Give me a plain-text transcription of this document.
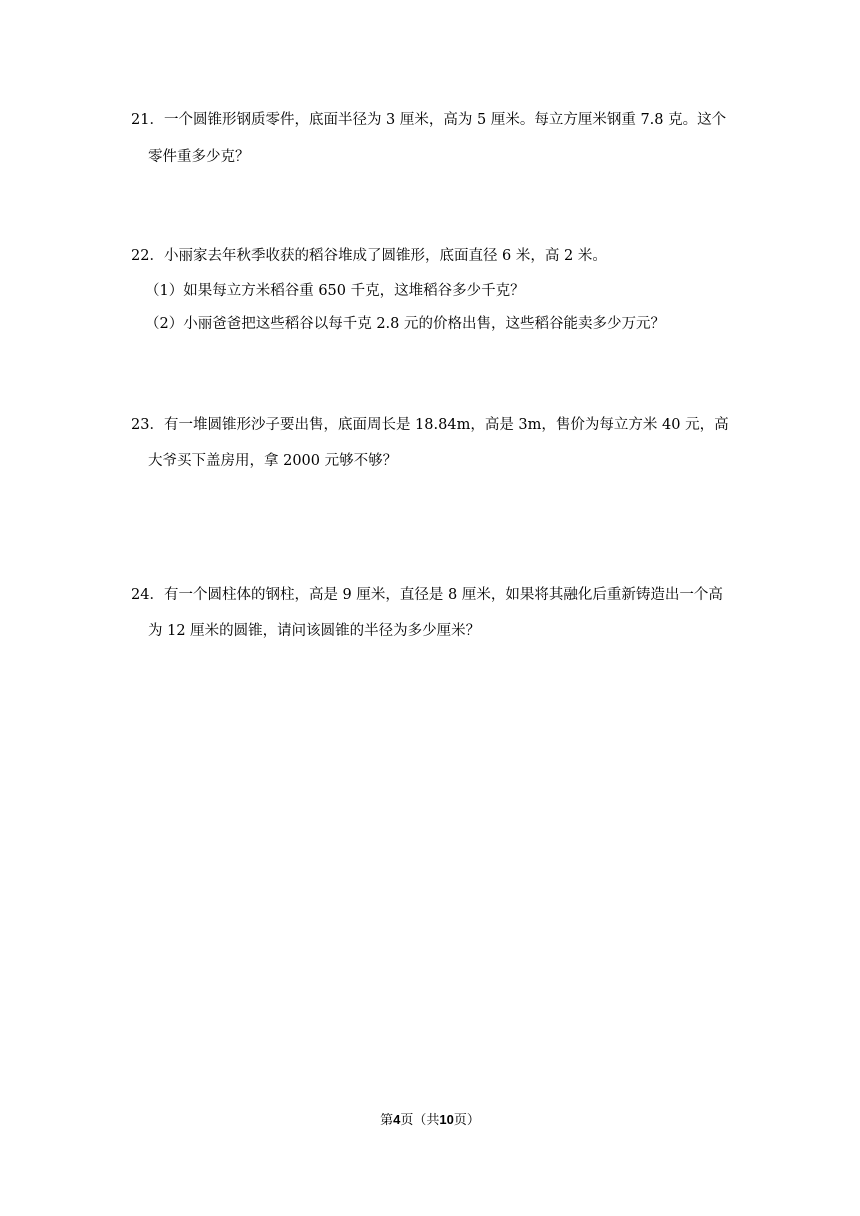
21．一个圆锥形钢质零件，底面半径为 3 厘米，高为 5 厘米。每立方厘米钢重 7.8 克。这个
零件重多少克？
22．小丽家去年秋季收获的稻谷堆成了圆锥形，底面直径 6 米，高 2 米。
（1）如果每立方米稻谷重 650 千克，这堆稻谷多少千克？
（2）小丽爸爸把这些稻谷以每千克 2.8 元的价格出售，这些稻谷能卖多少万元？
23．有一堆圆锥形沙子要出售，底面周长是 18.84m，高是 3m，售价为每立方米 40 元，高
大爷买下盖房用，拿 2000 元够不够？
24．有一个圆柱体的钢柱，高是 9 厘米，直径是 8 厘米，如果将其融化后重新铸造出一个高
为 12 厘米的圆锥，请问该圆锥的半径为多少厘米？
第4页（共10页）
